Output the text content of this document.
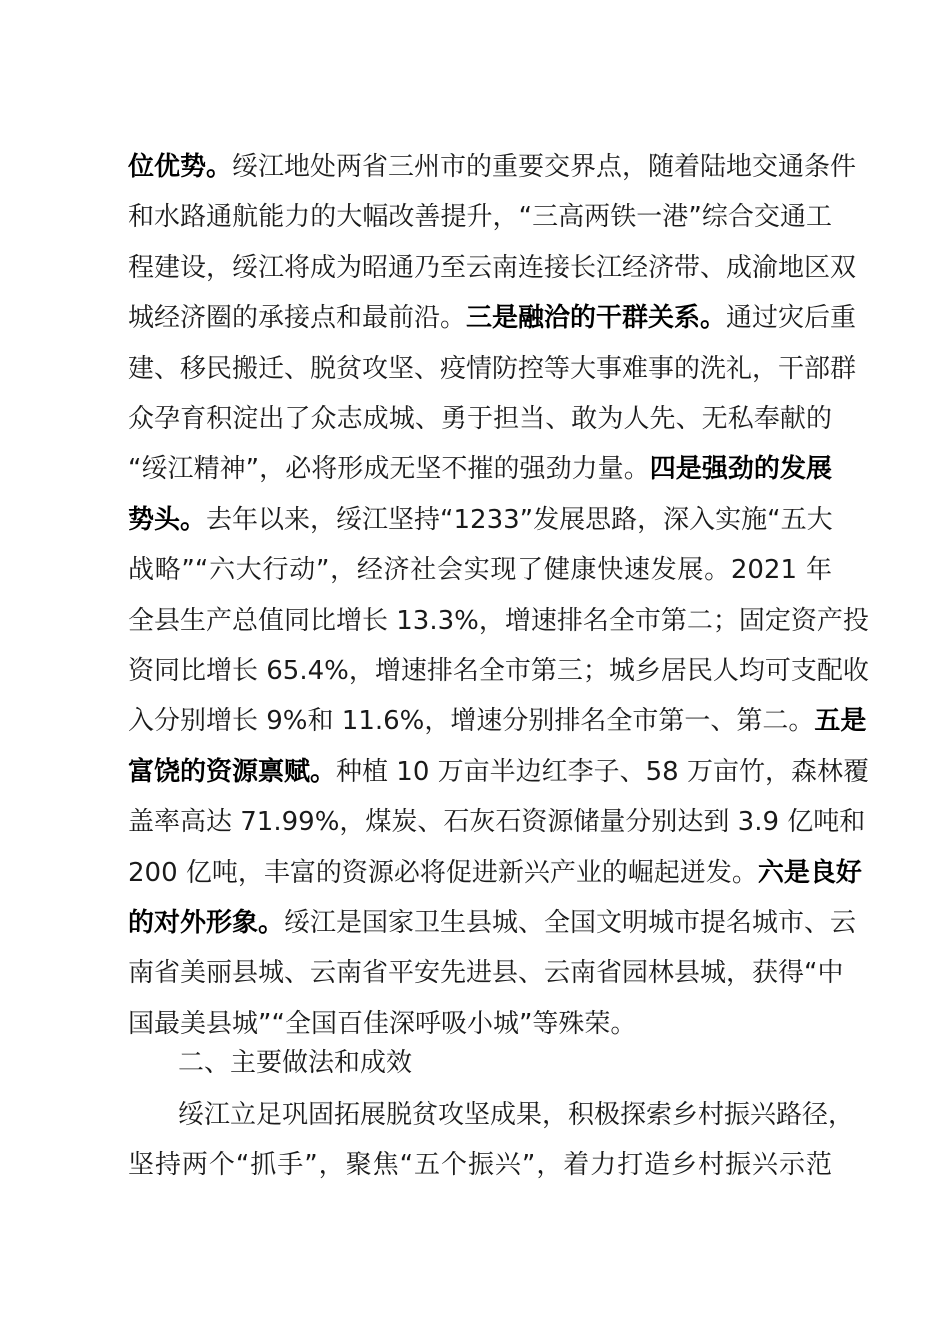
位优势。绥江地处两省三州市的重要交界点，随着陆地交通条件
和水路通航能力的大幅改善提升，“三高两铁一港”综合交通工
程建设，绥江将成为昭通乃至云南连接长江经济带、成渝地区双
城经济圈的承接点和最前沿。三是融洽的干群关系。通过灾后重
建、移民搬迁、脱贫攻坚、疫情防控等大事难事的洗礼，干部群
众孕育积淀出了众志成城、勇于担当、敢为人先、无私奉献的
“绥江精神”，必将形成无坚不摧的强劲力量。四是强劲的发展
势头。去年以来，绥江坚持“1233”发展思路，深入实施“五大
战略”“六大行动”，经济社会实现了健康快速发展。2021 年
全县生产总值同比增长 13.3%，增速排名全市第二；固定资产投
资同比增长 65.4%，增速排名全市第三；城乡居民人均可支配收
入分别增长 9%和 11.6%，增速分别排名全市第一、第二。五是
富饶的资源禀赋。种植 10 万亩半边红李子、58 万亩竹，森林覆
盖率高达 71.99%，煤炭、石灰石资源储量分别达到 3.9 亿吨和
200 亿吨，丰富的资源必将促进新兴产业的崛起迸发。六是良好
的对外形象。绥江是国家卫生县城、全国文明城市提名城市、云
南省美丽县城、云南省平安先进县、云南省园林县城，获得“中
国最美县城”“全国百佳深呼吸小城”等殊荣。
二、主要做法和成效
绥江立足巩固拓展脱贫攻坚成果，积极探索乡村振兴路径，
坚持两个“抓手”，聚焦“五个振兴”，着力打造乡村振兴示范
